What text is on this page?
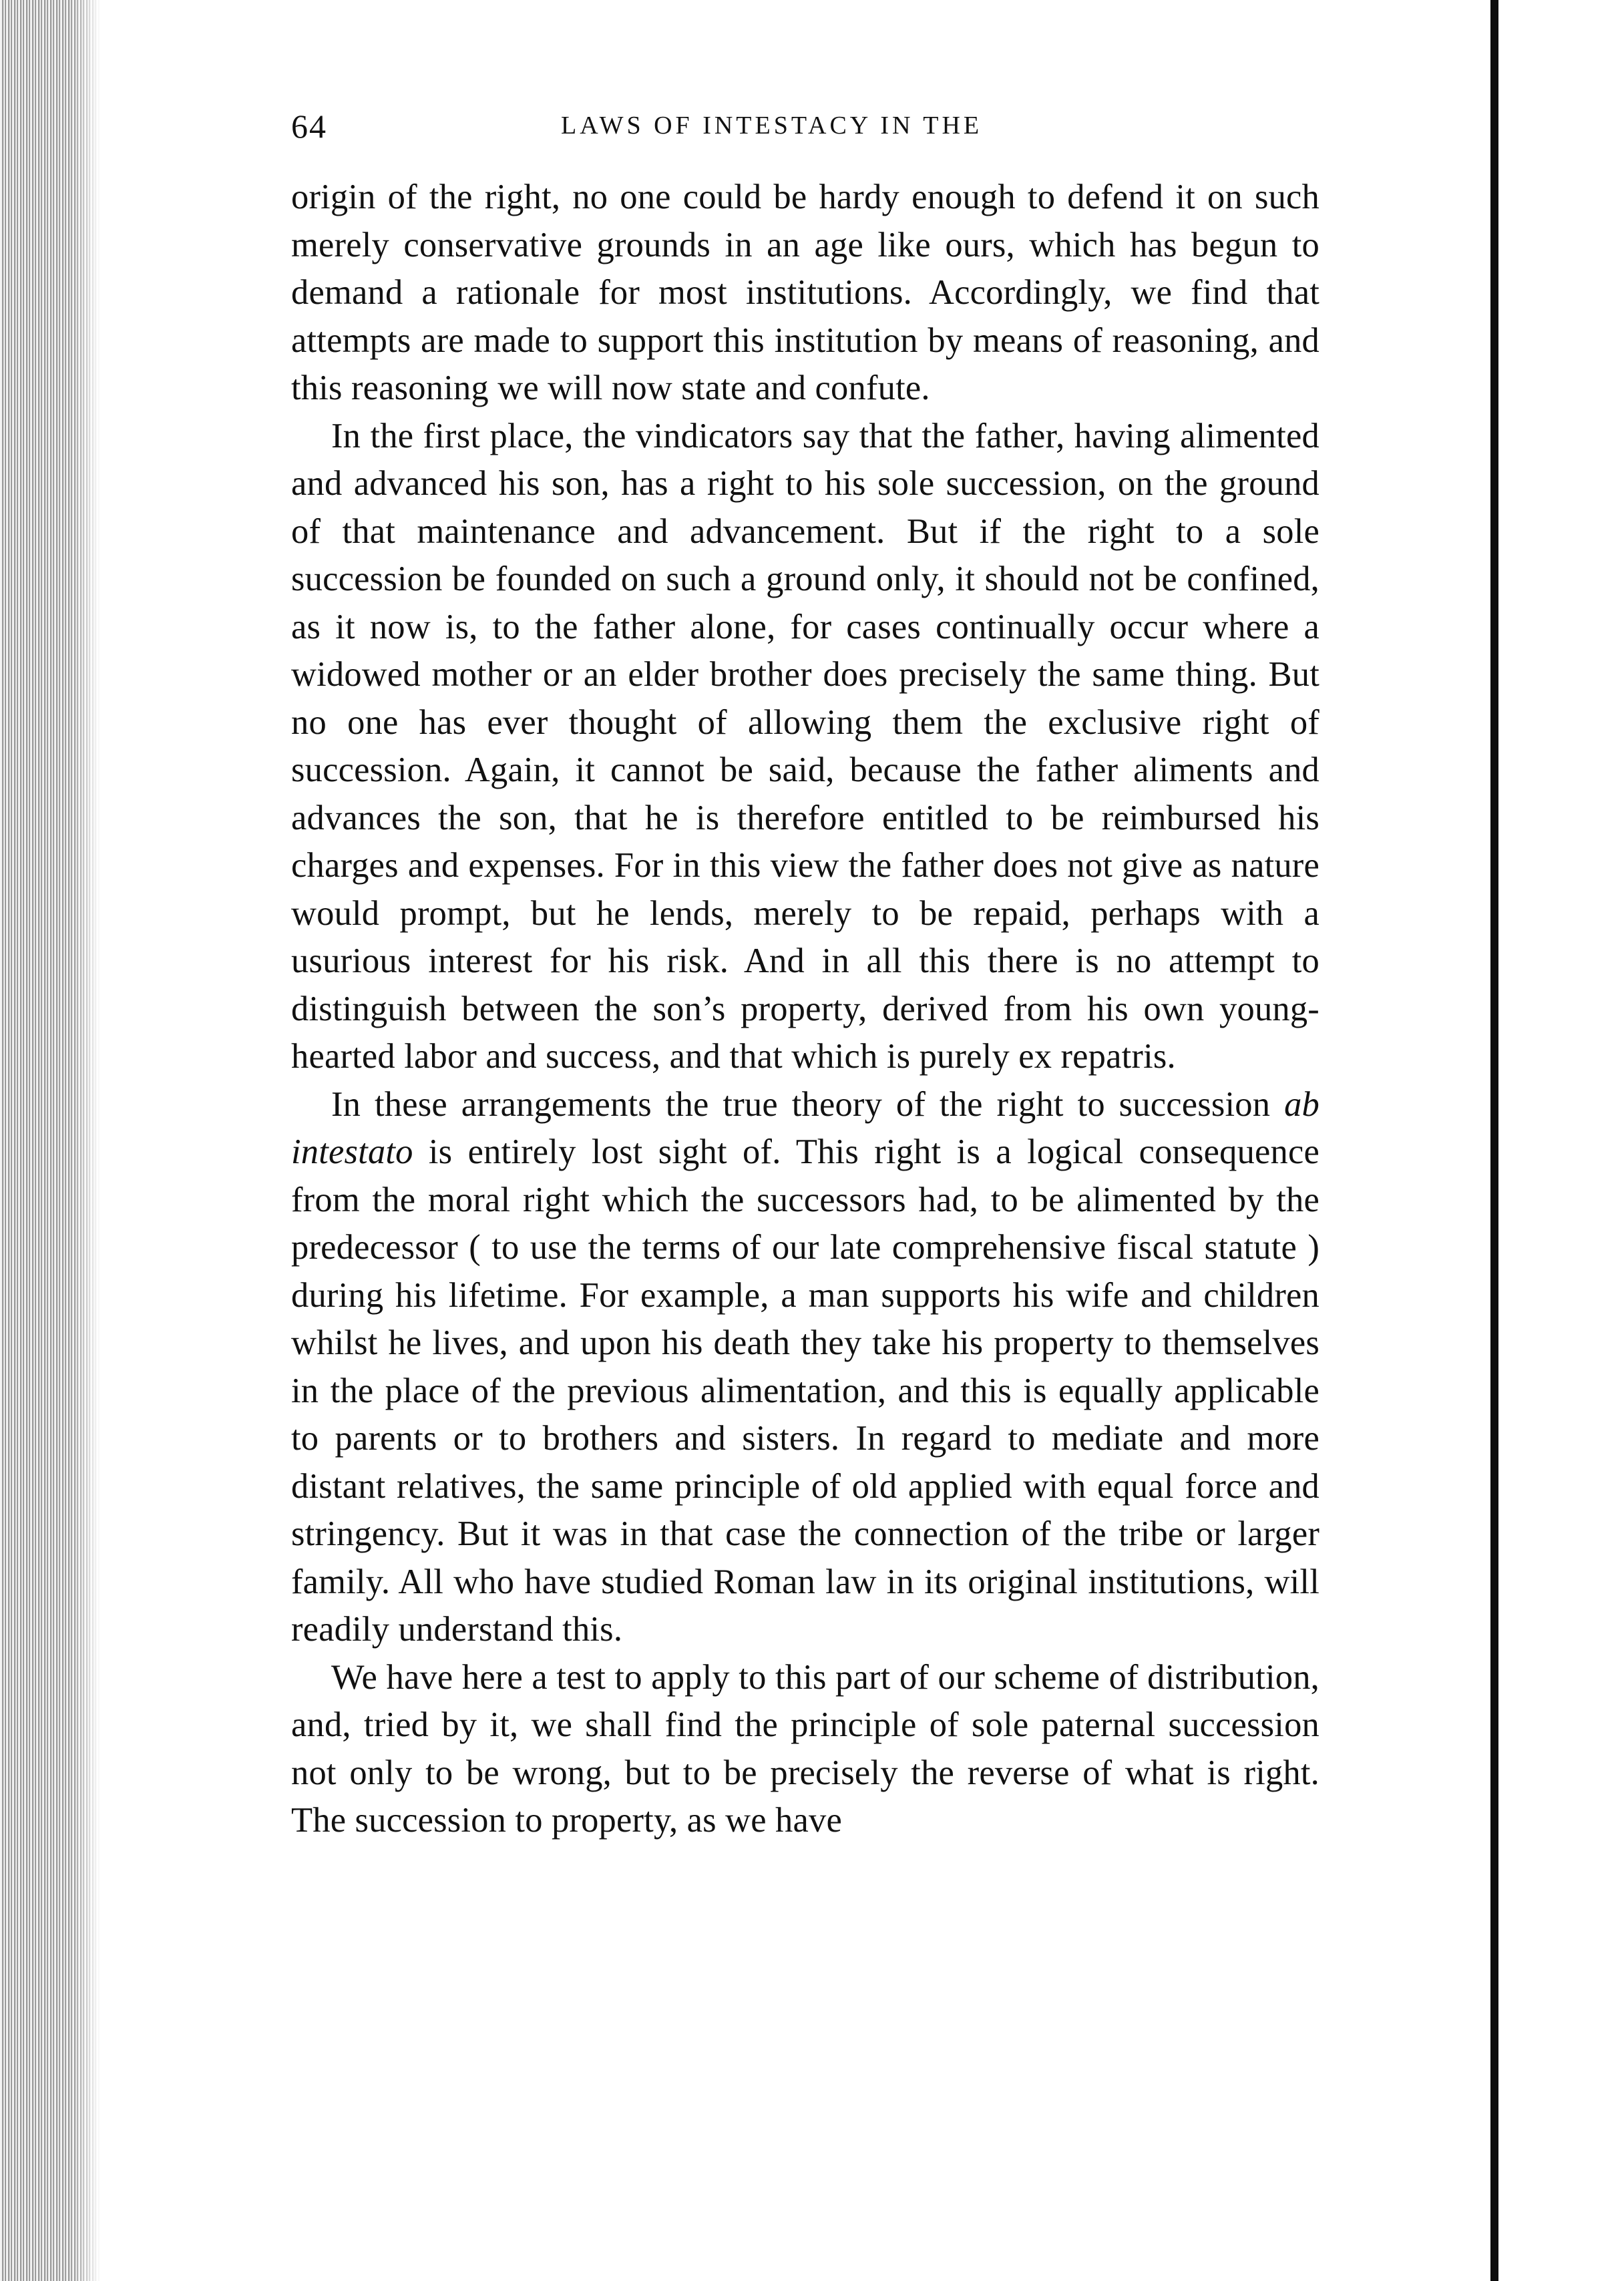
64	LAWS OF INTESTACY IN THE

origin of the right, no one could be hardy enough to defend it on such merely conservative grounds in an age like ours, which has begun to demand a rationale for most institutions. Accordingly, we find that attempts are made to support this institution by means of reasoning, and this reasoning we will now state and confute.

In the first place, the vindicators say that the father, having alimented and advanced his son, has a right to his sole succession, on the ground of that maintenance and advancement. But if the right to a sole succession be founded on such a ground only, it should not be confined, as it now is, to the father alone, for cases continually occur where a widowed mother or an elder brother does precisely the same thing. But no one has ever thought of allowing them the exclusive right of succession. Again, it cannot be said, because the father aliments and advances the son, that he is therefore entitled to be reimbursed his charges and expenses. For in this view the father does not give as nature would prompt, but he lends, merely to be repaid, perhaps with a usurious interest for his risk. And in all this there is no attempt to distinguish between the son’s property, derived from his own young-hearted labor and success, and that which is purely ex repatris.

In these arrangements the true theory of the right to succession ab intestato is entirely lost sight of. This right is a logical consequence from the moral right which the successors had, to be alimented by the predecessor ( to use the terms of our late comprehensive fiscal statute ) during his lifetime. For example, a man supports his wife and children whilst he lives, and upon his death they take his property to themselves in the place of the previous alimentation, and this is equally applicable to parents or to brothers and sisters. In regard to mediate and more distant relatives, the same principle of old applied with equal force and stringency. But it was in that case the connection of the tribe or larger family. All who have studied Roman law in its original institutions, will readily understand this.

We have here a test to apply to this part of our scheme of distribution, and, tried by it, we shall find the principle of sole paternal succession not only to be wrong, but to be precisely the reverse of what is right. The succession to property, as we have
